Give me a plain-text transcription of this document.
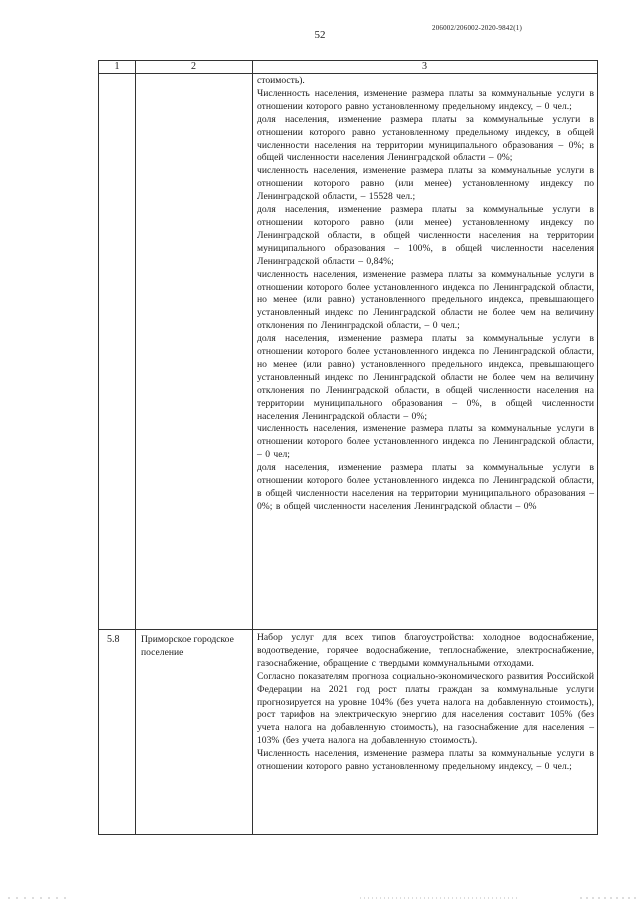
52
206002/206002-2020-9842(1)
1	2	3

стоимость).

Численность населения, изменение размера платы за коммунальные услуги в отношении которого равно установленному предельному индексу, – 0 чел.;

доля населения, изменение размера платы за коммунальные услуги в отношении которого равно установленному предельному индексу, в общей численности населения на территории муниципального образования – 0%; в общей численности населения Ленинградской области – 0%;

численность населения, изменение размера платы за коммунальные услуги в отношении которого равно (или менее) установленному индексу по Ленинградской области, – 15528 чел.;

доля населения, изменение размера платы за коммунальные услуги в отношении которого равно (или менее) установленному индексу по Ленинградской области, в общей численности населения на территории муниципального образования – 100%, в общей численности населения Ленинградской области – 0,84%;

численность населения, изменение размера платы за коммунальные услуги в отношении которого более установленного индекса по Ленинградской области, но менее (или равно) установленного предельного индекса, превышающего установленный индекс по Ленинградской области не более чем на величину отклонения по Ленинградской области, – 0 чел.;

доля населения, изменение размера платы за коммунальные услуги в отношении которого более установленного индекса по Ленинградской области, но менее (или равно) установленного предельного индекса, превышающего установленный индекс по Ленинградской области не более чем на величину отклонения по Ленинградской области, в общей численности населения на территории муниципального образования – 0%, в общей численности населения Ленинградской области – 0%;

численность населения, изменение размера платы за коммунальные услуги в отношении которого более установленного индекса по Ленинградской области, – 0 чел;

доля населения, изменение размера платы за коммунальные услуги в отношении которого более установленного индекса по Ленинградской области, в общей численности населения на территории муниципального образования – 0%; в общей численности населения Ленинградской области – 0%

5.8 Приморское городское поселение

Набор услуг для всех типов благоустройства: холодное водоснабжение, водоотведение, горячее водоснабжение, теплоснабжение, электроснабжение, газоснабжение, обращение с твердыми коммунальными отходами.

Согласно показателям прогноза социально-экономического развития Российской Федерации на 2021 год рост платы граждан за коммунальные услуги прогнозируется на уровне 104% (без учета налога на добавленную стоимость), рост тарифов на электрическую энергию для населения составит 105% (без учета налога на добавленную стоимость), на газоснабжение для населения – 103% (без учета налога на добавленную стоимость).

Численность населения, изменение размера платы за коммунальные услуги в отношении которого равно установленному предельному индексу, – 0 чел.;
